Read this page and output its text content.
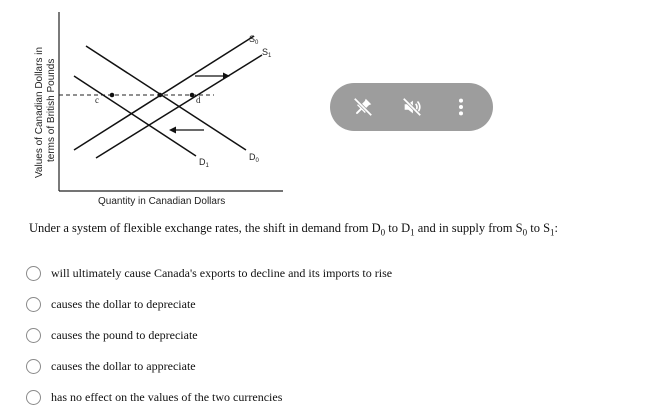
Values of Canadian Dollars in terms of British Pounds
Quantity in Canadian Dollars
c	d
$S_0$
$S_1$
$D_0$
$D_1$
Under a system of flexible exchange rates, the shift in demand from $D_0$ to $D_1$ and in supply from $S_0$ to $S_1$:
will ultimately cause Canada's exports to decline and its imports to rise
causes the dollar to depreciate
causes the pound to depreciate
causes the dollar to appreciate
has no effect on the values of the two currencies
